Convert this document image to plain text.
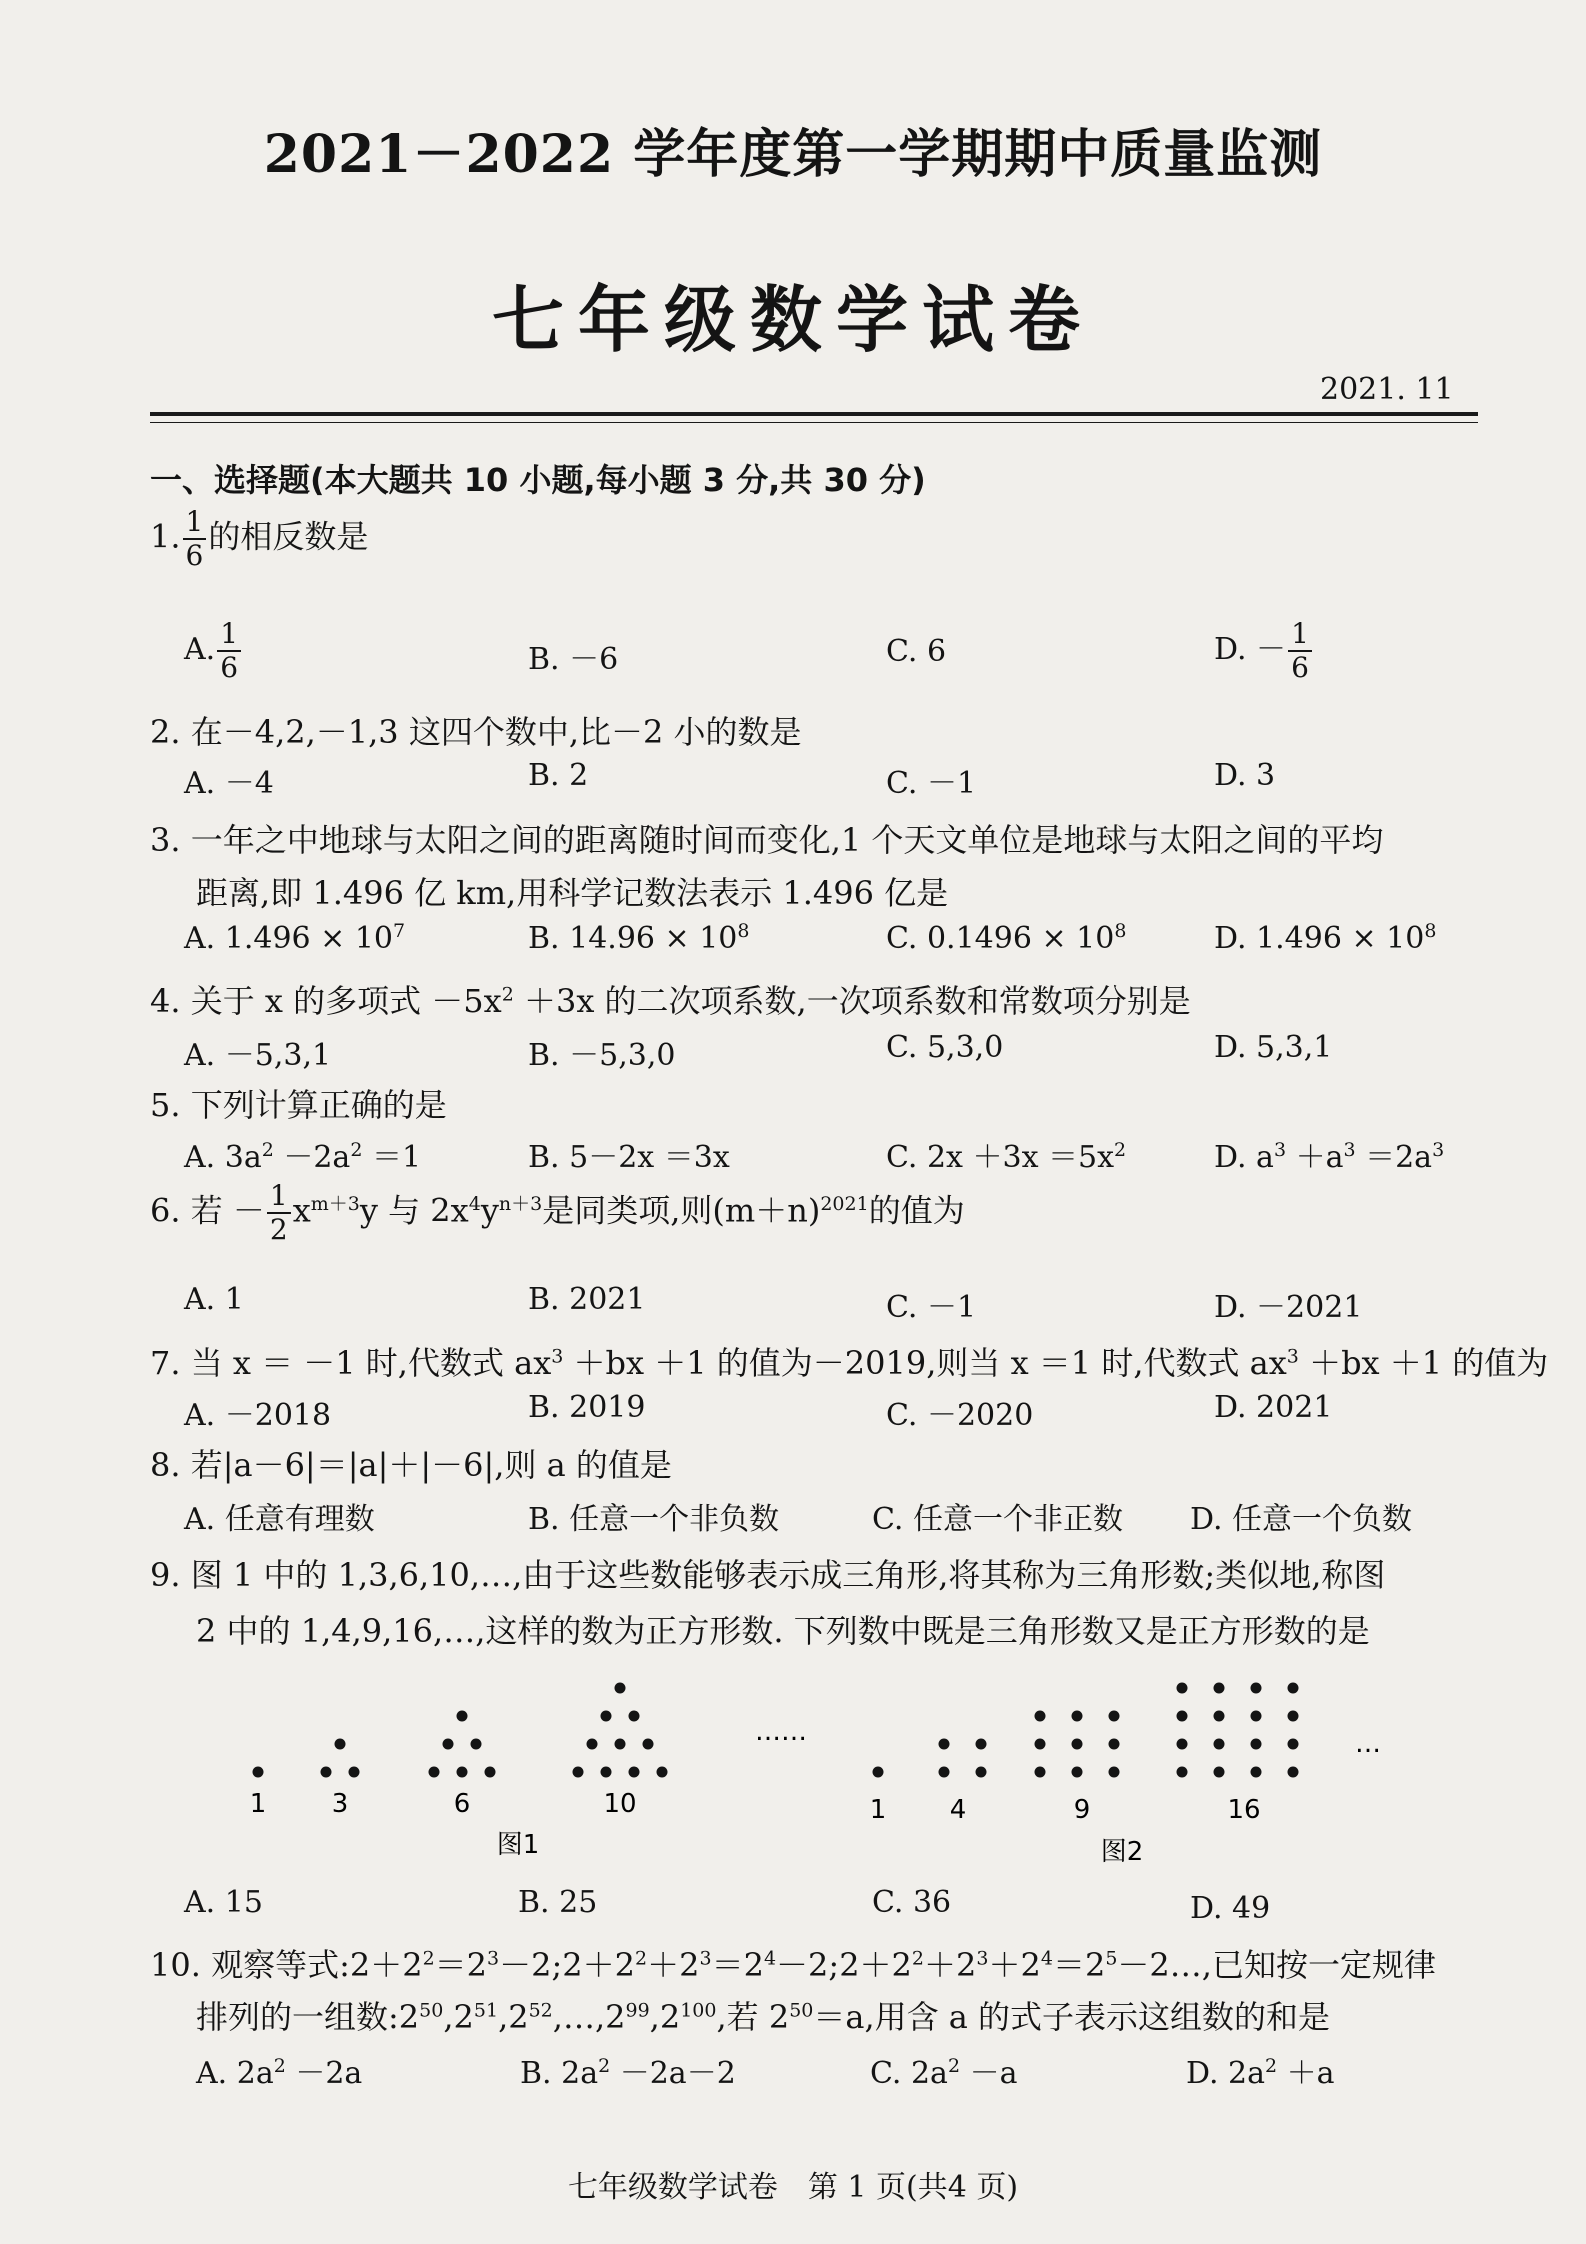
2021－2022 学年度第一学期期中质量监测
七年级数学试卷
2021. 11
一、选择题(本大题共 10 小题,每小题 3 分,共 30 分)
1. $\frac{1}{6}$ 的相反数是
A. $\frac{1}{6}$	B. －6	C. 6	D. － $\frac{1}{6}$
2. 在－4,2,－1,3 这四个数中,比－2 小的数是
A. －4	B. 2	C. －1	D. 3
3. 一年之中地球与太阳之间的距离随时间而变化,1 个天文单位是地球与太阳之间的平均
距离,即 1.496 亿 km,用科学记数法表示 1.496 亿是
A. $1.496 \times 10^7$	B. $14.96 \times 10^8$	C. $0.1496 \times 10^8$	D. $1.496 \times 10^8$
4. 关于 x 的多项式 $-5x^2 +3x$ 的二次项系数,一次项系数和常数项分别是
A. －5,3,1	B. －5,3,0	C. 5,3,0	D. 5,3,1
5. 下列计算正确的是
A. $3a^2 -2a^2 =1$	B. 5－2x ＝3x	C. $2x +3x =5x^2$	D. $a^3 +a^3 =2a^3$
6. 若 － $\frac{1}{2} x^{m+3}y$ 与 $2x^4y^{n+3}$是同类项,则$(m+n)^{2021}$的值为
A. 1	B. 2021	C. －1	D. －2021
7. 当 x ＝ －1 时,代数式 $ax^3 +bx +1$ 的值为－2019,则当 x ＝1 时,代数式 $ax^3 +bx +1$ 的值为
A. －2018	B. 2019	C. －2020	D. 2021
8. 若|a－6|＝|a|＋|－6|,则 a 的值是
A. 任意有理数	B. 任意一个非负数	C. 任意一个非正数 D. 任意一个负数
9. 图 1 中的 1,3,6,10,…,由于这些数能够表示成三角形,将其称为三角形数;类似地,称图
2 中的 1,4,9,16,…,这样的数为正方形数. 下列数中既是三角形数又是正方形数的是
……
图1
1	3	6	10
…
图2
1 4	9	16
A. 15	B. 25	C. 36	D. 49
10. 观察等式$:2+2^2=2^3-2;2+2^2+2^3=2^4-2;2+2^2+2^3+2^4=2^5-2\dots$,已知按一定规律
排列的一组数$:2^{50},2^{51},2^{52},\dots,2^{99},2^{100}$,若 $2^{50}=a$,用含 a 的式子表示这组数的和是
A. $2a^2 -2a$	B. $2a^2 -2a-2$	C. $2a^2 -a$	D. $2a^2 +a$
七年级数学试卷　第 1 页(共4 页)
